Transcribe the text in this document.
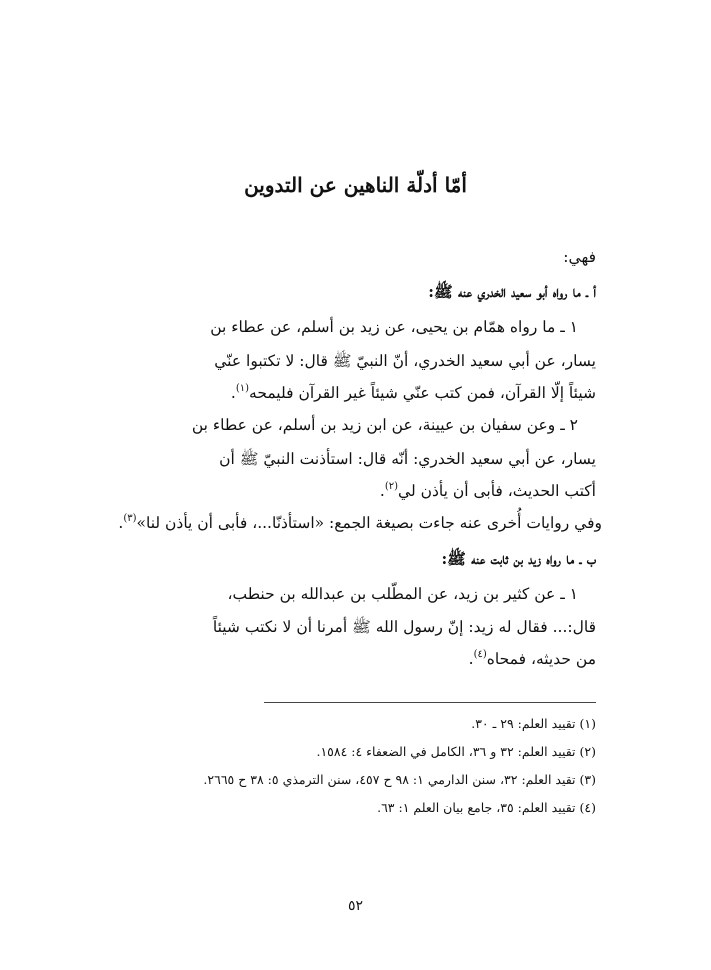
أمّا أدلّة الناهين عن التدوين
فهي:
أ ـ ما رواه أبو سعيد الخدري عنه ﷺ:
١ ـ ما رواه همّام بن يحيى، عن زيد بن أسلم، عن عطاء بن
يسار، عن أبي سعيد الخدري، أنّ النبيّ ﷺ قال: لا تكتبوا عنّي
شيئاً إلّا القرآن، فمن كتب عنّي شيئاً غير القرآن فليمحه$^{(١)}$.
٢ ـ وعن سفيان بن عيينة، عن ابن زيد بن أسلم، عن عطاء بن
يسار، عن أبي سعيد الخدري: أنّه قال: استأذنت النبيّ ﷺ أن
أكتب الحديث، فأبى أن يأذن لي$^{(٢)}$.
وفي روايات أُخرى عنه جاءت بصيغة الجمع: «استأذنّا...، فأبى أن يأذن لنا»$^{(٣)}$.
ب ـ ما رواه زيد بن ثابت عنه ﷺ:
١ ـ عن كثير بن زيد، عن المطّلب بن عبدالله بن حنطب،
قال:... فقال له زيد: إنّ رسول الله ﷺ أمرنا أن لا نكتب شيئاً
من حديثه، فمحاه$^{(٤)}$.
(١) تقييد العلم: ٢٩ ـ ٣٠.
(٢) تقييد العلم: ٣٢ و ٣٦، الكامل في الضعفاء ٤: ١٥٨٤.
(٣) تقيد العلم: ٣٢، سنن الدارمي ١: ٩٨ ح ٤٥٧، سنن الترمذي ٥: ٣٨ ح ٢٦٦٥.
(٤) تقييد العلم: ٣٥، جامع بيان العلم ١: ٦٣.
٥٢
